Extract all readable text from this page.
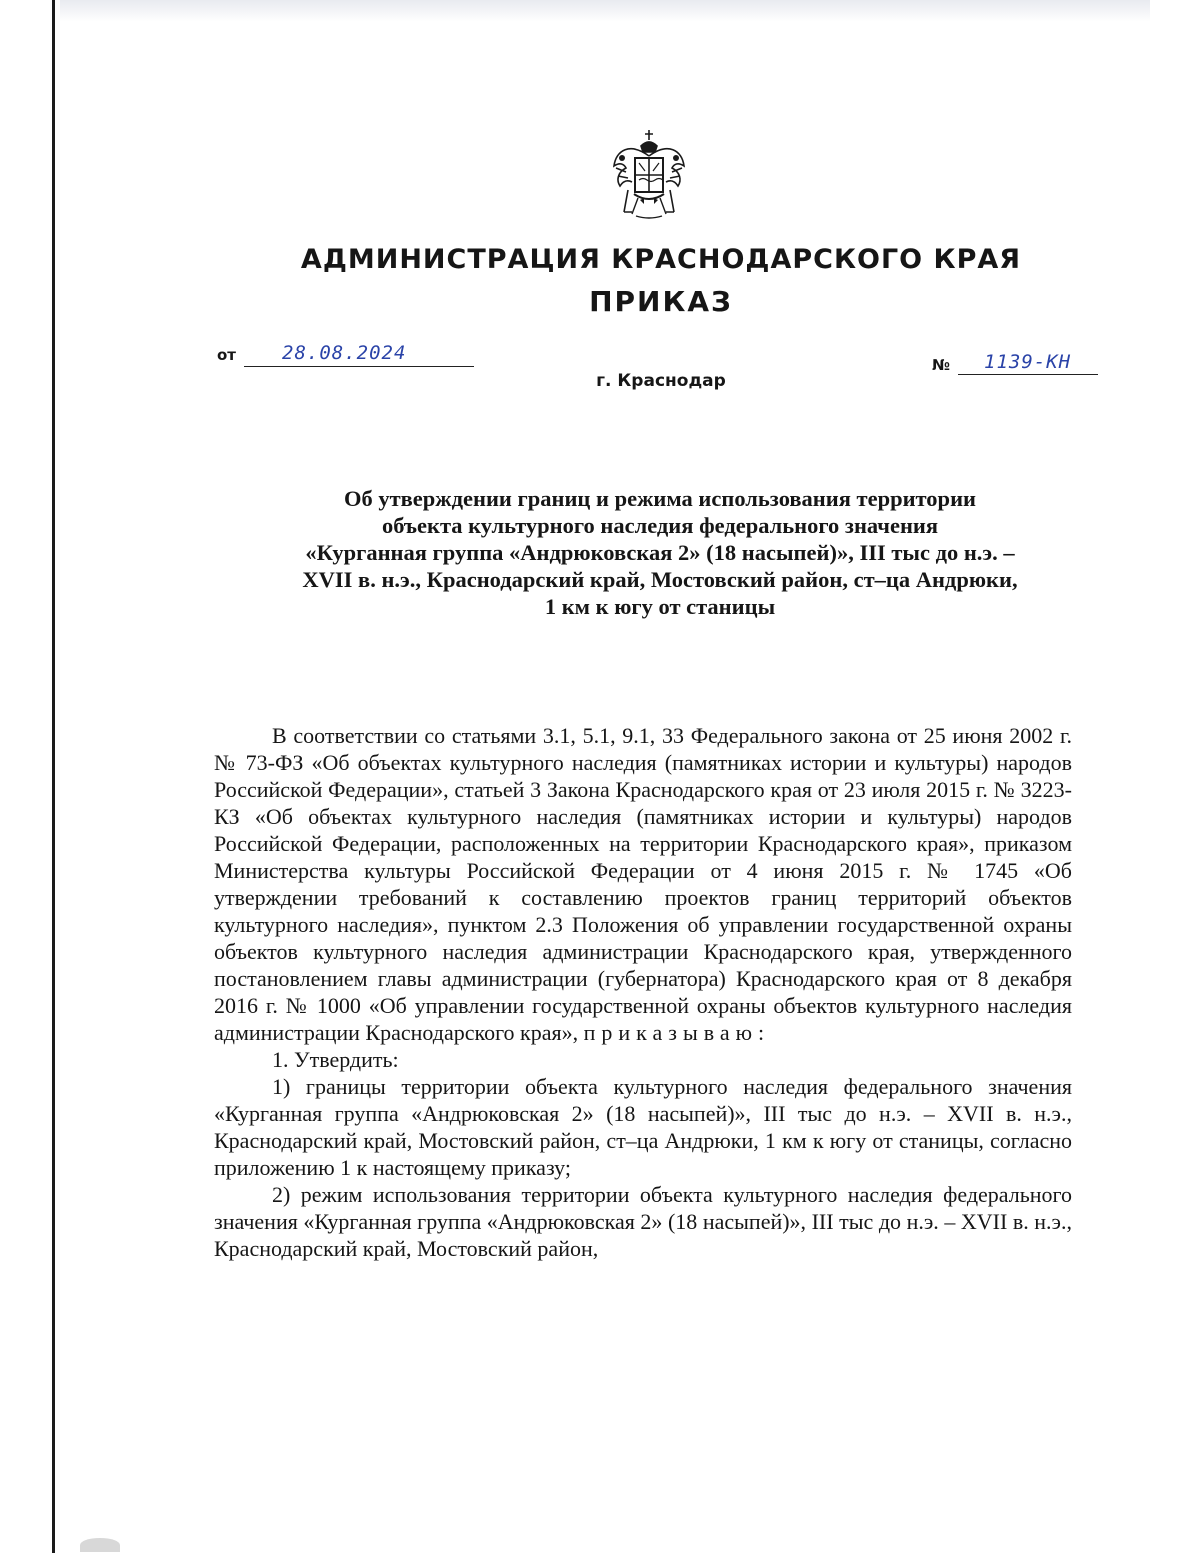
АДМИНИСТРАЦИЯ КРАСНОДАРСКОГО КРАЯ
ПРИКАЗ
от 28.08.2024
г. Краснодар
№ 1139-КН
Об утверждении границ и режима использования территории
объекта культурного наследия федерального значения
«Курганная группа «Андрюковская 2» (18 насыпей)», III тыс до н.э. –
XVII в. н.э., Краснодарский край, Мостовский район, ст–ца Андрюки,
1 км к югу от станицы

В соответствии со статьями 3.1, 5.1, 9.1, 33 Федерального закона от 25 июня 2002 г. № 73-ФЗ «Об объектах культурного наследия (памятниках истории и культуры) народов Российской Федерации», статьей 3 Закона Краснодарского края от 23 июля 2015 г. № 3223-КЗ «Об объектах культурного наследия (памятниках истории и культуры) народов Российской Федерации, расположенных на территории Краснодарского края», приказом Министерства культуры Российской Федерации от 4 июня 2015 г. № 1745 «Об утверждении требований к составлению проектов границ территорий объектов культурного наследия», пунктом 2.3 Положения об управлении государственной охраны объектов культурного наследия администрации Краснодарского края, утвержденного постановлением главы администрации (губернатора) Краснодарского края от 8 декабря 2016 г. № 1000 «Об управлении государственной охраны объектов культурного наследия администрации Краснодарского края», приказываю:

1. Утвердить:

1) границы территории объекта культурного наследия федерального значения «Курганная группа «Андрюковская 2» (18 насыпей)», III тыс до н.э. – XVII в. н.э., Краснодарский край, Мостовский район, ст–ца Андрюки, 1 км к югу от станицы, согласно приложению 1 к настоящему приказу;

2) режим использования территории объекта культурного наследия федерального значения «Курганная группа «Андрюковская 2» (18 насыпей)», III тыс до н.э. – XVII в. н.э., Краснодарский край, Мостовский район,
